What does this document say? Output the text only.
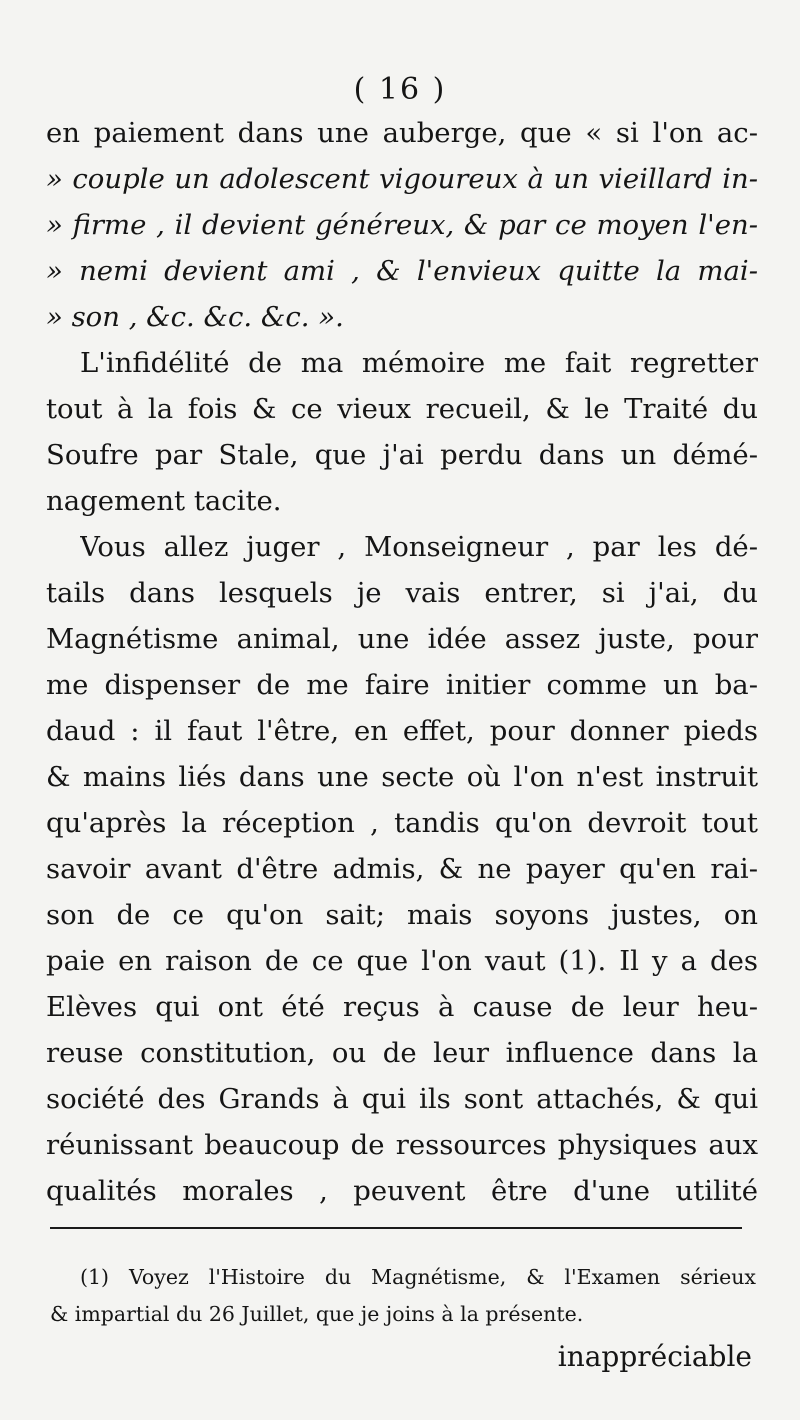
( 16 )
en paiement dans une auberge, que « si l'on ac-
» couple un adolescent vigoureux à un vieillard in-
» firme , il devient généreux, & par ce moyen l'en-
» nemi devient ami , & l'envieux quitte la mai-
» son , &c. &c. &c. ».
L'infidélité de ma mémoire me fait regretter
tout à la fois & ce vieux recueil, & le Traité du
Soufre par Stale, que j'ai perdu dans un démé-
nagement tacite.
Vous allez juger , Monseigneur , par les dé-
tails dans lesquels je vais entrer, si j'ai, du
Magnétisme animal, une idée assez juste, pour
me dispenser de me faire initier comme un ba-
daud : il faut l'être, en effet, pour donner pieds
& mains liés dans une secte où l'on n'est instruit
qu'après la réception , tandis qu'on devroit tout
savoir avant d'être admis, & ne payer qu'en rai-
son de ce qu'on sait; mais soyons justes, on
paie en raison de ce que l'on vaut (1). Il y a des
Elèves qui ont été reçus à cause de leur heu-
reuse constitution, ou de leur influence dans la
société des Grands à qui ils sont attachés, & qui
réunissant beaucoup de ressources physiques aux
qualités morales , peuvent être d'une utilité
(1) Voyez l'Histoire du Magnétisme, & l'Examen sérieux
& impartial du 26 Juillet, que je joins à la présente.
inappréciable
